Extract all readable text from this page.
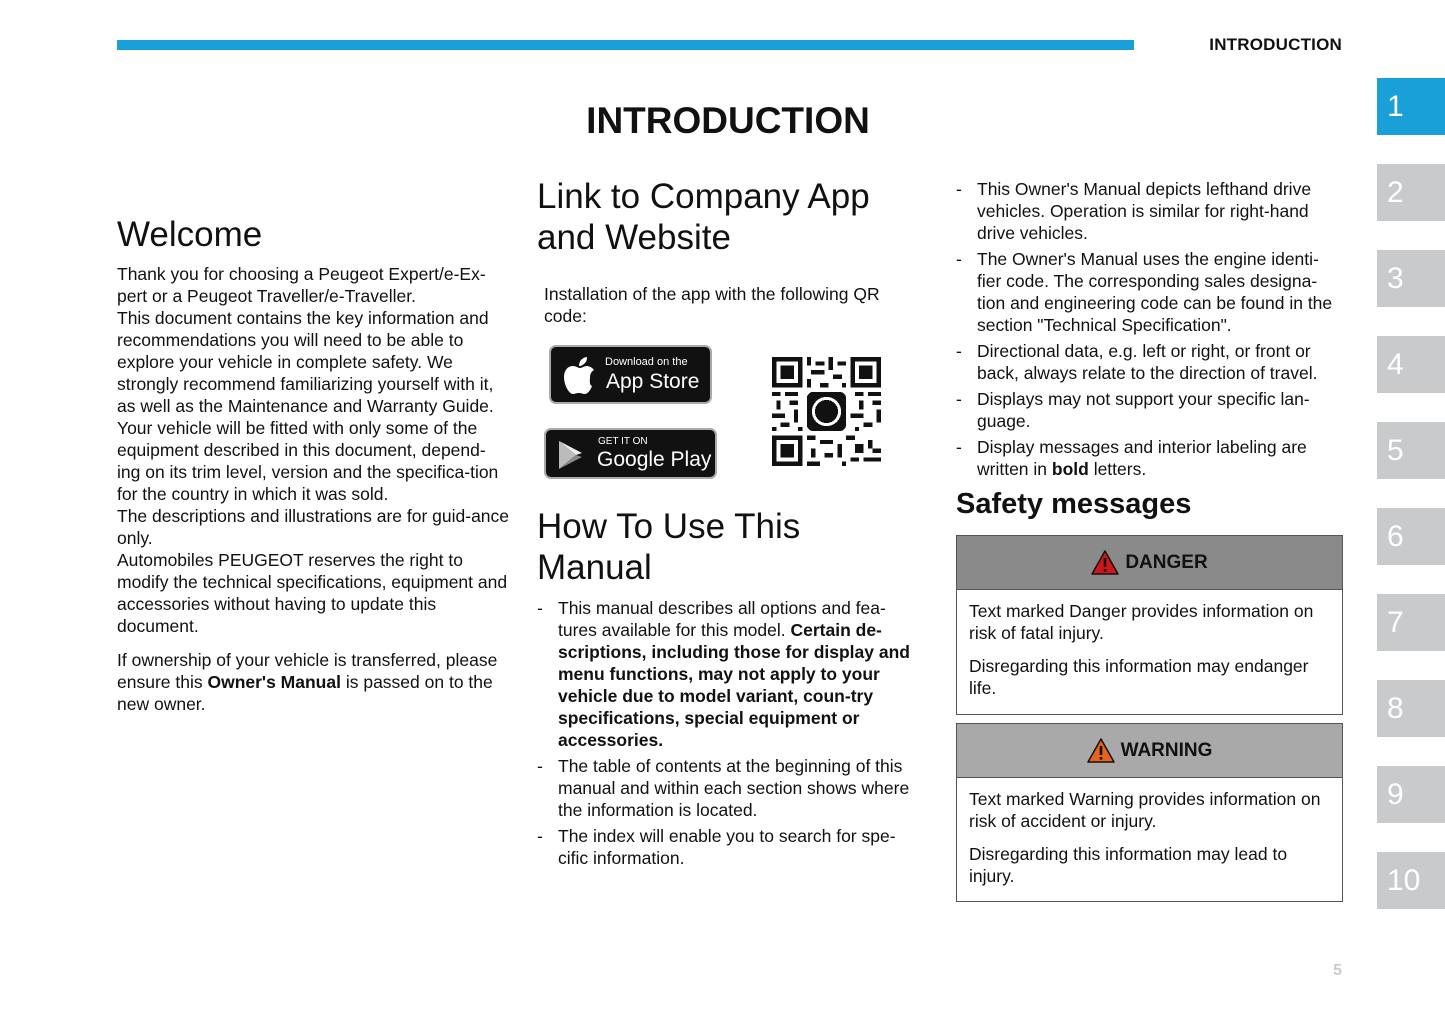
INTRODUCTION
INTRODUCTION	1
2
3
4
5
6
7
8
9
10
Welcome

Thank you for choosing a Peugeot Expert/e-Ex-pert or a Peugeot Traveller/e-Traveller.

This document contains the key information and recommendations you will need to be able to explore your vehicle in complete safety. We strongly recommend familiarizing yourself with it, as well as the Maintenance and Warranty Guide.

Your vehicle will be fitted with only some of the equipment described in this document, depend-ing on its trim level, version and the specifica-tion for the country in which it was sold.

The descriptions and illustrations are for guid-ance only.

Automobiles PEUGEOT reserves the right to modify the technical specifications, equipment and accessories without having to update this document.

If ownership of your vehicle is transferred, please ensure this Owner's Manual is passed on to the new owner.

Link to Company App
and Website

Installation of the app with the following QR code:

Download on the
App Store
GET IT ON
Google Play
How To Use This Manual
- This manual describes all options and fea-tures available for this model. Certain de-scriptions, including those for display and menu functions, may not apply to your vehicle due to model variant, coun-try specifications, special equipment or accessories.
- The table of contents at the beginning of this manual and within each section shows where the information is located.
- The index will enable you to search for spe-cific information.
- This Owner's Manual depicts lefthand drive vehicles. Operation is similar for right-hand drive vehicles.
- The Owner's Manual uses the engine identi-fier code. The corresponding sales designa-tion and engineering code can be found in the section "Technical Specification".
- Directional data, e.g. left or right, or front or back, always relate to the direction of travel.
- Displays may not support your specific lan-guage.
- Display messages and interior labeling are written in bold letters.
Safety messages
DANGER

Text marked Danger provides information on risk of fatal injury.

Disregarding this information may endanger life.

WARNING

Text marked Warning provides information on risk of accident or injury.

Disregarding this information may lead to injury.

5
